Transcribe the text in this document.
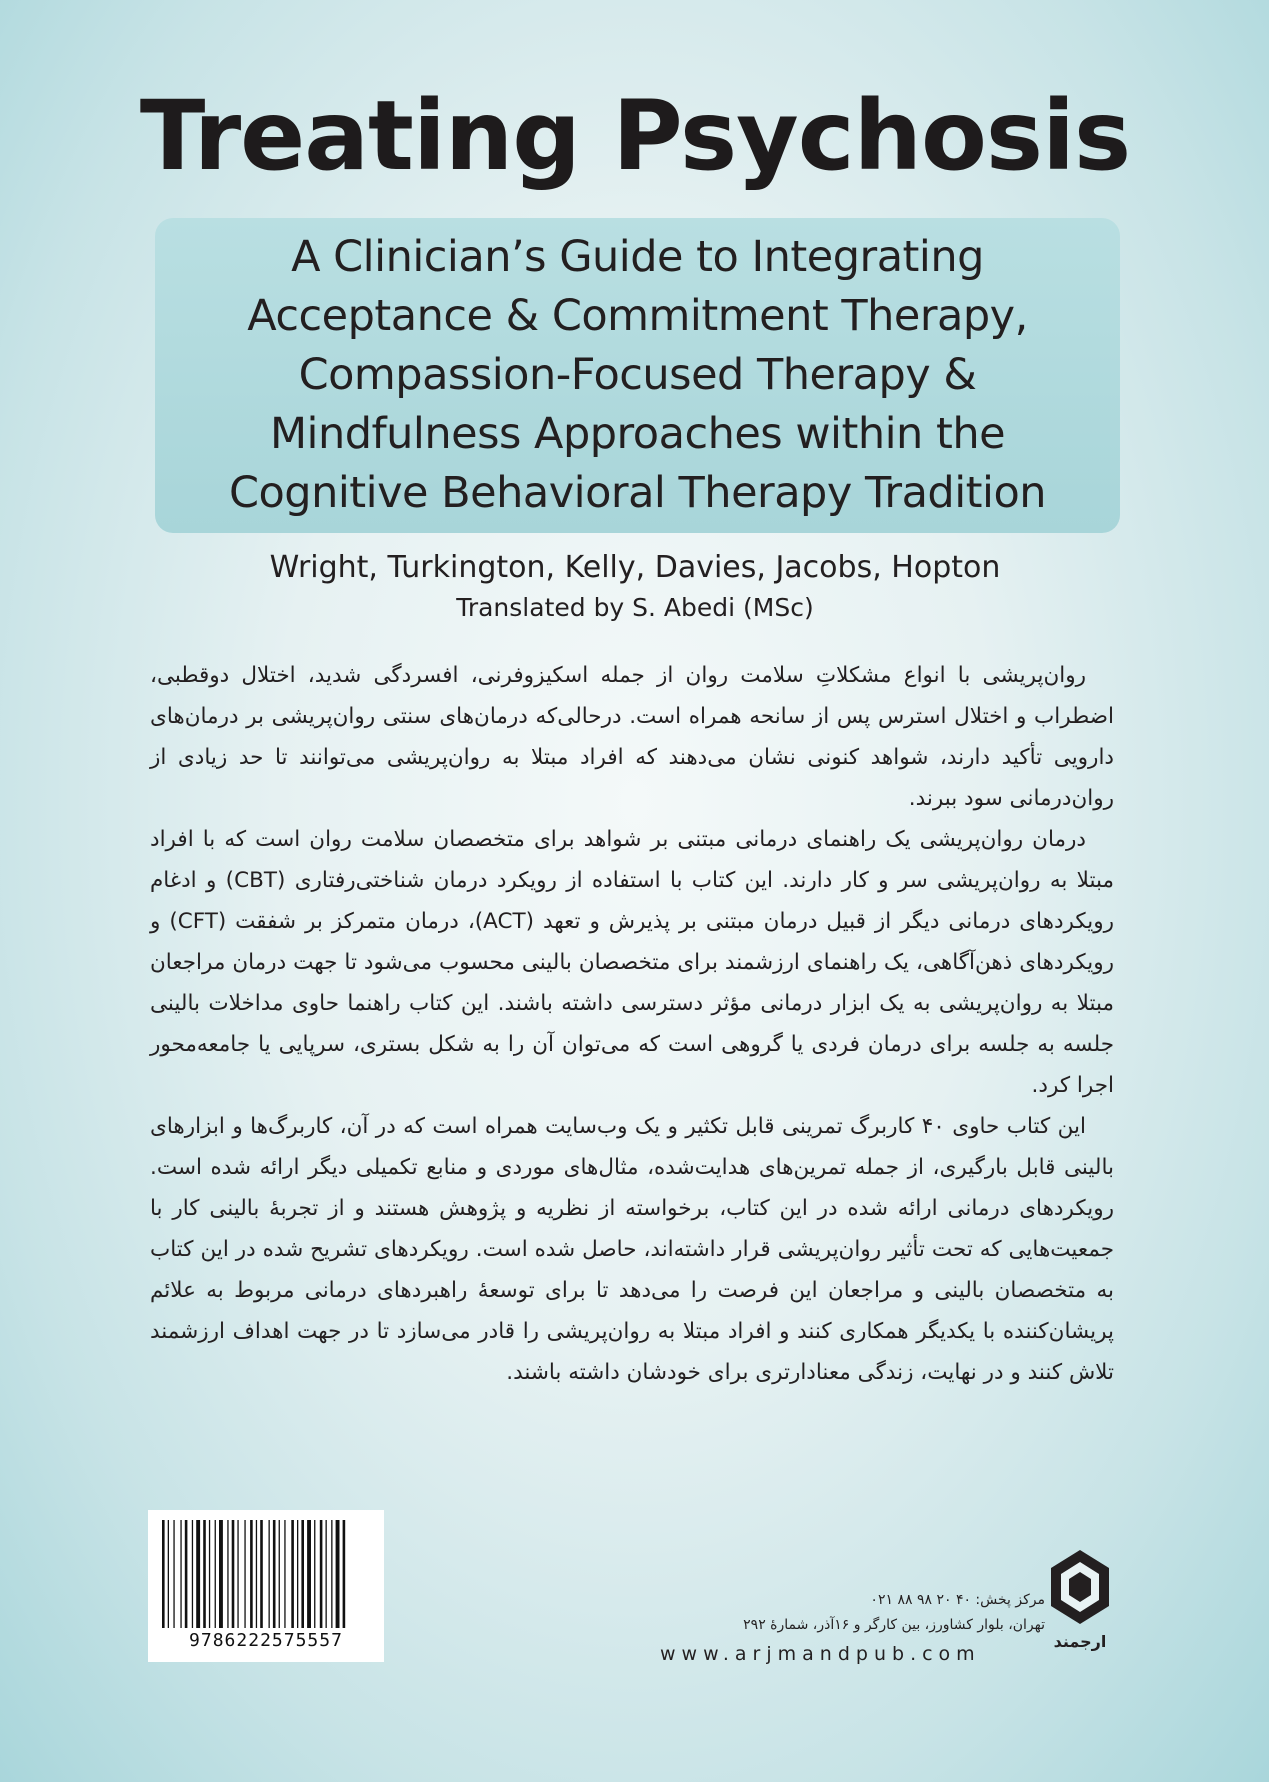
Treating Psychosis
A Clinician’s Guide to Integrating
Acceptance & Commitment Therapy,
Compassion-Focused Therapy &
Mindfulness Approaches within the
Cognitive Behavioral Therapy Tradition
Wright, Turkington, Kelly, Davies, Jacobs, Hopton
Translated by S. Abedi (MSc)

روان‌پریشی با انواع مشکلاتِ سلامت روان از جمله اسکیزوفرنی، افسردگی شدید، اختلال دوقطبی، اضطراب و اختلال استرس پس از سانحه همراه است. درحالی‌که درمان‌های سنتی روان‌پریشی بر درمان‌های دارویی تأکید دارند، شواهد کنونی نشان می‌دهند که افراد مبتلا به روان‌پریشی می‌توانند تا حد زیادی از روان‌درمانی سود ببرند.

درمان روان‌پریشی یک راهنمای درمانی مبتنی بر شواهد برای متخصصان سلامت روان است که با افراد مبتلا به روان‌پریشی سر و کار دارند. این کتاب با استفاده از رویکرد درمان شناختی‌رفتاری (CBT) و ادغام رویکردهای درمانی دیگر از قبیل درمان مبتنی بر پذیرش و تعهد (ACT)، درمان متمرکز بر شفقت (CFT) و رویکردهای ذهن‌آگاهی، یک راهنمای ارزشمند برای متخصصان بالینی محسوب می‌شود تا جهت درمان مراجعان مبتلا به روان‌پریشی به یک ابزار درمانی مؤثر دسترسی داشته باشند. این کتاب راهنما حاوی مداخلات بالینی جلسه به جلسه برای درمان فردی یا گروهی است که می‌توان آن را به شکل بستری، سرپایی یا جامعه‌محور اجرا کرد.

این کتاب حاوی ۴۰ کاربرگ تمرینی قابل تکثیر و یک وب‌سایت همراه است که در آن، کاربرگ‌ها و ابزارهای بالینی قابل بارگیری، از جمله تمرین‌های هدایت‌شده، مثال‌های موردی و منابع تکمیلی دیگر ارائه شده است. رویکردهای درمانی ارائه شده در این کتاب، برخواسته از نظریه و پژوهش هستند و از تجربهٔ بالینی کار با جمعیت‌هایی که تحت تأثیر روان‌پریشی قرار داشته‌اند، حاصل شده است. رویکردهای تشریح شده در این کتاب به متخصصان بالینی و مراجعان این فرصت را می‌دهد تا برای توسعهٔ راهبردهای درمانی مربوط به علائم پریشان‌کننده با یکدیگر همکاری کنند و افراد مبتلا به روان‌پریشی را قادر می‌سازد تا در جهت اهداف ارزشمند تلاش کنند و در نهایت، زندگی معنادارتری برای خودشان داشته باشند.

9786222575557
مرکز پخش: ۴۰ ۲۰ ۹۸ ۸۸ ۰۲۱
تهران، بلوار کشاورز، بین کارگر و ۱۶آذر، شمارهٔ ۲۹۲
www.arjmandpub.com
ارجمند
